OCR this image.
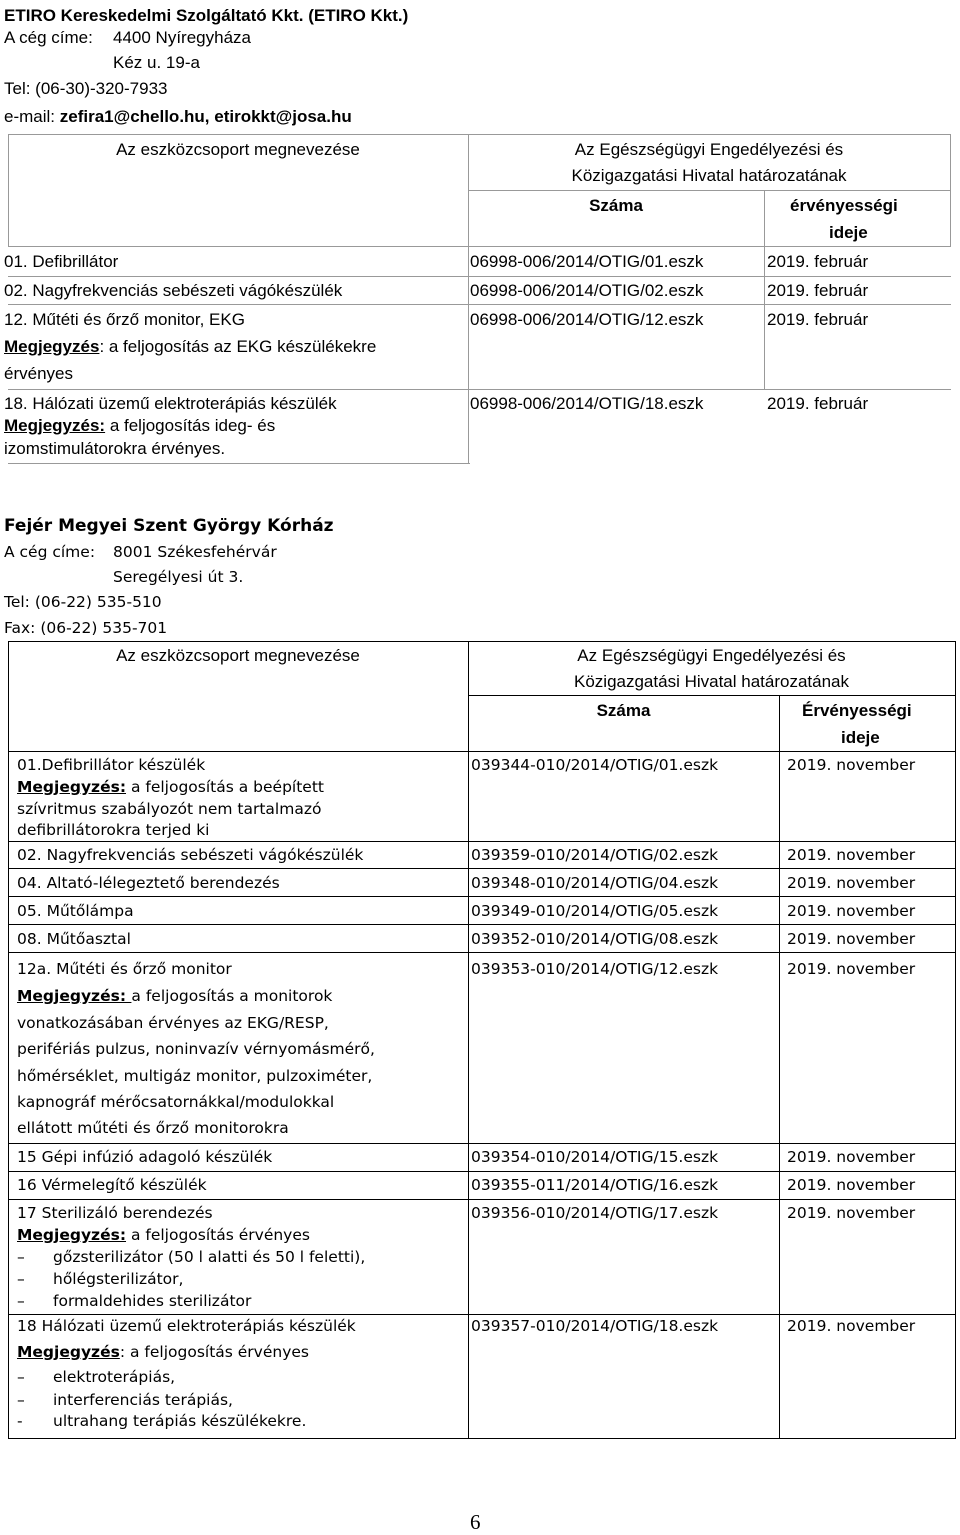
ETIRO Kereskedelmi Szolgáltató Kkt. (ETIRO Kkt.)
A cég címe: 4400 Nyíregyháza
Kéz u. 19-a
Tel: (06-30)-320-7933
e-mail: zefira1@chello.hu, etirokkt@josa.hu
Az eszközcsoport megnevezése	Az Egészségügyi Engedélyezési és
Közigazgatási Hivatal határozatának
Száma	érvényességi
ideje
01. Defibrillátor	06998-006/2014/OTIG/01.eszk	2019. február
02. Nagyfrekvenciás sebészeti vágókészülék	06998-006/2014/OTIG/02.eszk	2019. február
12. Műtéti és őrző monitor, EKG
Megjegyzés: a feljogosítás az EKG készülékekre
érvényes
06998-006/2014/OTIG/12.eszk	2019. február
18. Hálózati üzemű elektroterápiás készülék
Megjegyzés: a feljogosítás ideg- és
izomstimulátorokra érvényes.
06998-006/2014/OTIG/18.eszk	2019. február
Fejér Megyei Szent György Kórház
A cég címe: 8001 Székesfehérvár
Seregélyesi út 3.
Tel: (06-22) 535-510
Fax: (06-22) 535-701
Az eszközcsoport megnevezése	Az Egészségügyi Engedélyezési és
Közigazgatási Hivatal határozatának
Száma	Érvényességi
ideje
01.Defibrillátor készülék
Megjegyzés: a feljogosítás a beépített
szívritmus szabályozót nem tartalmazó
defibrillátorokra terjed ki
039344-010/2014/OTIG/01.eszk	2019. november
02. Nagyfrekvenciás sebészeti vágókészülék	039359-010/2014/OTIG/02.eszk	2019. november
04. Altató-lélegeztető berendezés	039348-010/2014/OTIG/04.eszk	2019. november
05. Műtőlámpa	039349-010/2014/OTIG/05.eszk	2019. november
08. Műtőasztal	039352-010/2014/OTIG/08.eszk	2019. november
12a. Műtéti és őrző monitor
Megjegyzés: a feljogosítás a monitorok
vonatkozásában érvényes az EKG/RESP,
perifériás pulzus, noninvazív vérnyomásmérő,
hőmérséklet, multigáz monitor, pulzoximéter,
kapnográf mérőcsatornákkal/modulokkal
ellátott műtéti és őrző monitorokra
039353-010/2014/OTIG/12.eszk	2019. november
15 Gépi infúzió adagoló készülék	039354-010/2014/OTIG/15.eszk	2019. november
16 Vérmelegítő készülék	039355-011/2014/OTIG/16.eszk	2019. november
17 Sterilizáló berendezés
Megjegyzés: a feljogosítás érvényes
– gőzsterilizátor (50 l alatti és 50 l feletti),
– hőlégsterilizátor,
– formaldehides sterilizátor
039356-010/2014/OTIG/17.eszk	2019. november
18 Hálózati üzemű elektroterápiás készülék
Megjegyzés: a feljogosítás érvényes
– elektroterápiás,
– interferenciás terápiás,
- ultrahang terápiás készülékekre.
039357-010/2014/OTIG/18.eszk	2019. november
6
